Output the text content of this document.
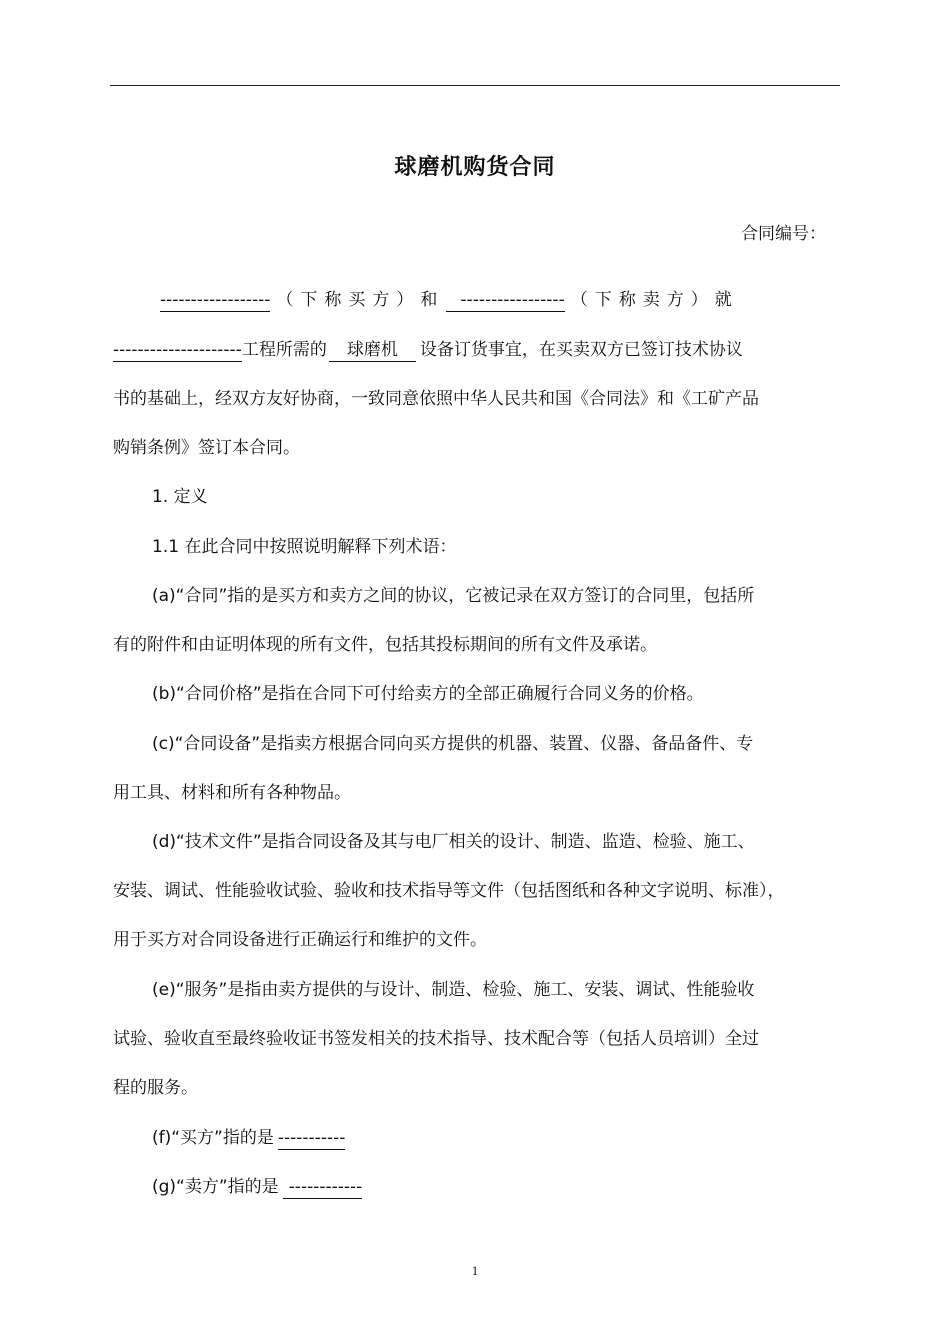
球磨机购货合同
合同编号：
------------------ （下称买方）和 ----------------- （下称卖方）就
---------------------工程所需的 球磨机 设备订货事宜，在买卖双方已签订技术协议
书的基础上，经双方友好协商，一致同意依照中华人民共和国《合同法》和《工矿产品
购销条例》签订本合同。
1. 定义
1.1 在此合同中按照说明解释下列术语：
(a)“合同”指的是买方和卖方之间的协议，它被记录在双方签订的合同里，包括所
有的附件和由证明体现的所有文件，包括其投标期间的所有文件及承诺。
(b)“合同价格”是指在合同下可付给卖方的全部正确履行合同义务的价格。
(c)“合同设备”是指卖方根据合同向买方提供的机器、装置、仪器、备品备件、专
用工具、材料和所有各种物品。
(d)“技术文件”是指合同设备及其与电厂相关的设计、制造、监造、检验、施工、
安装、调试、性能验收试验、验收和技术指导等文件（包括图纸和各种文字说明、标准），
用于买方对合同设备进行正确运行和维护的文件。
(e)“服务”是指由卖方提供的与设计、制造、检验、施工、安装、调试、性能验收
试验、验收直至最终验收证书签发相关的技术指导、技术配合等（包括人员培训）全过
程的服务。
(f)“买方”指的是 -----------
(g)“卖方”指的是 ------------
1
